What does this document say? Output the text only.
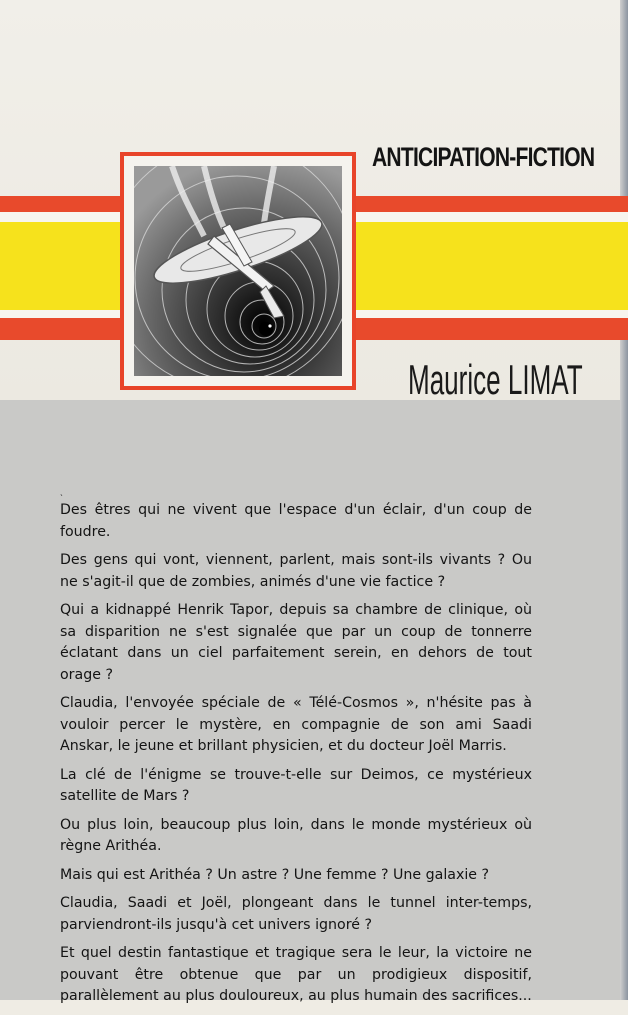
ANTICIPATION-FICTION
Maurice LIMAT
ˎ

Des êtres qui ne vivent que l'espace d'un éclair, d'un coup de foudre.

Des gens qui vont, viennent, parlent, mais sont-ils vivants ? Ou ne s'agit-il que de zombies, animés d'une vie factice ?

Qui a kidnappé Henrik Tapor, depuis sa chambre de clinique, où sa disparition ne s'est signalée que par un coup de tonnerre éclatant dans un ciel parfaitement serein, en dehors de tout orage ?

Claudia, l'envoyée spéciale de « Télé-Cosmos », n'hésite pas à vouloir percer le mystère, en compagnie de son ami Saadi Anskar, le jeune et brillant physicien, et du docteur Joël Marris.

La clé de l'énigme se trouve-t-elle sur Deimos, ce mystérieux satellite de Mars ?

Ou plus loin, beaucoup plus loin, dans le monde mystérieux où règne Arithéa.

Mais qui est Arithéa ? Un astre ? Une femme ? Une galaxie ?

Claudia, Saadi et Joël, plongeant dans le tunnel inter-temps, parviendront-ils jusqu'à cet univers ignoré ?

Et quel destin fantastique et tragique sera le leur, la victoire ne pouvant être obtenue que par un prodigieux dispositif, parallèlement au plus douloureux, au plus humain des sacrifices...
